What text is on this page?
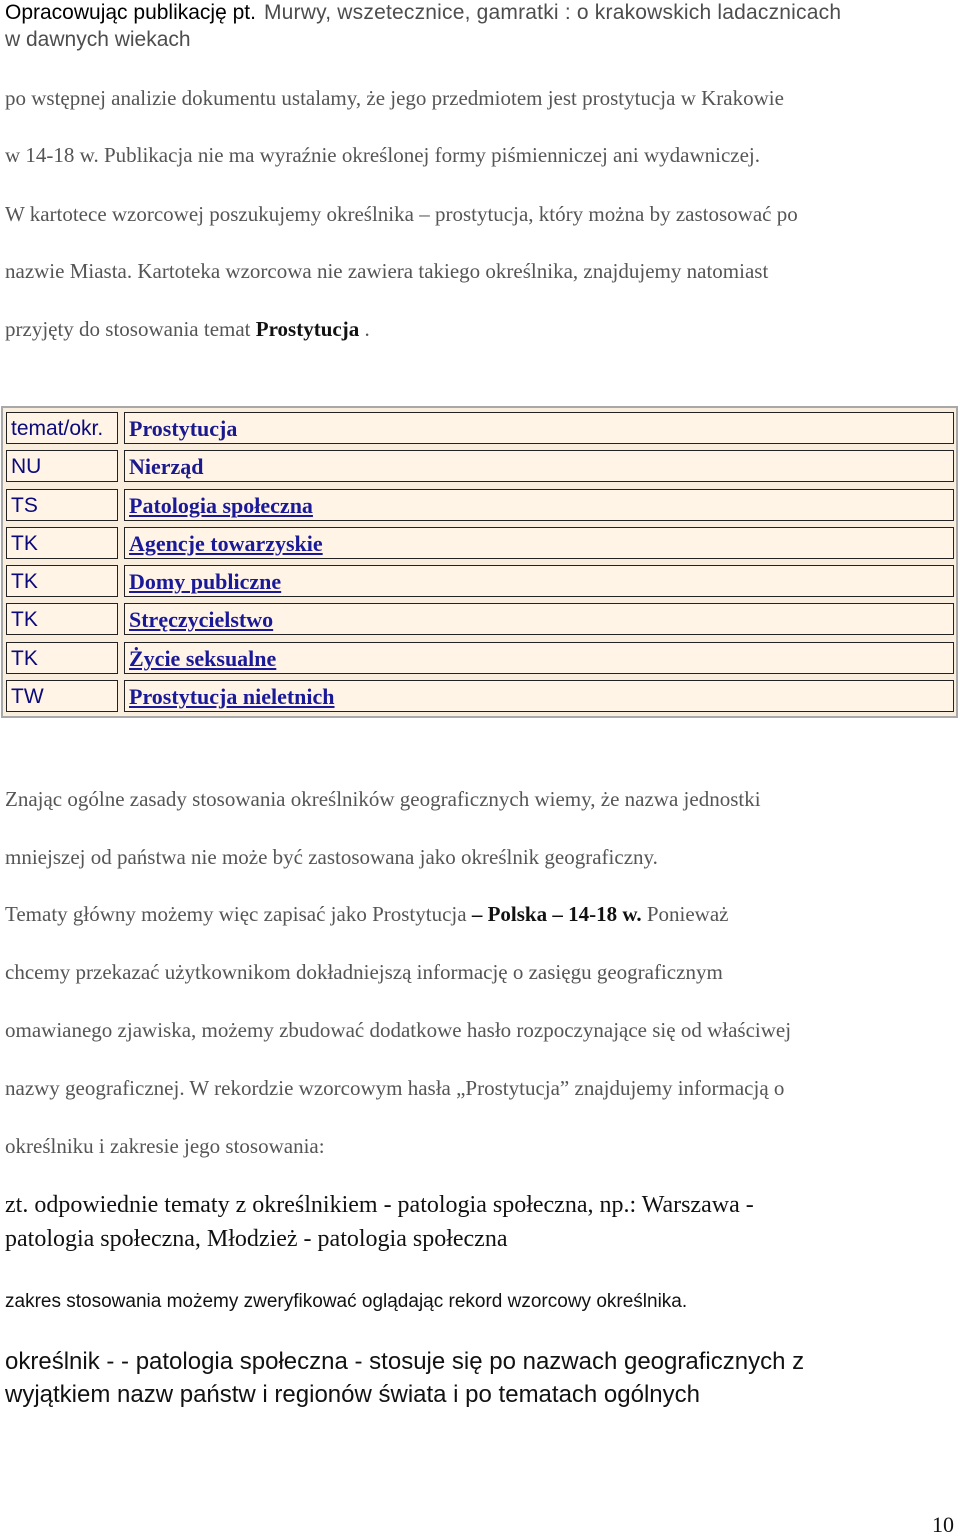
Opracowując publikację pt. Murwy, wszetecznice, gamratki : o krakowskich ladacznicach
w dawnych wiekach
po wstępnej analizie dokumentu ustalamy, że jego przedmiotem jest prostytucja w Krakowie
w 14-18 w. Publikacja nie ma wyraźnie określonej formy piśmienniczej ani wydawniczej.
W kartotece wzorcowej poszukujemy określnika – prostytucja, który można by zastosować po
nazwie Miasta. Kartoteka wzorcowa nie zawiera takiego określnika, znajdujemy natomiast
przyjęty do stosowania temat Prostytucja .
temat/okr.	Prostytucja
NU	Nierząd
TS	Patologia społeczna
TK	Agencje towarzyskie
TK	Domy publiczne
TK	Stręczycielstwo
TK	Życie seksualne
TW	Prostytucja nieletnich
Znając ogólne zasady stosowania określników geograficznych wiemy, że nazwa jednostki
mniejszej od państwa nie może być zastosowana jako określnik geograficzny.
Tematy główny możemy więc zapisać jako Prostytucja – Polska – 14-18 w. Ponieważ
chcemy przekazać użytkownikom dokładniejszą informację o zasięgu geograficznym
omawianego zjawiska, możemy zbudować dodatkowe hasło rozpoczynające się od właściwej
nazwy geograficznej. W rekordzie wzorcowym hasła „Prostytucja” znajdujemy informacją o
określniku i zakresie jego stosowania:
zt. odpowiednie tematy z określnikiem - patologia społeczna, np.: Warszawa -
patologia społeczna, Młodzież - patologia społeczna
zakres stosowania możemy zweryfikować oglądając rekord wzorcowy określnika.
określnik - - patologia społeczna - stosuje się po nazwach geograficznych z
wyjątkiem nazw państw i regionów świata i po tematach ogólnych
10
